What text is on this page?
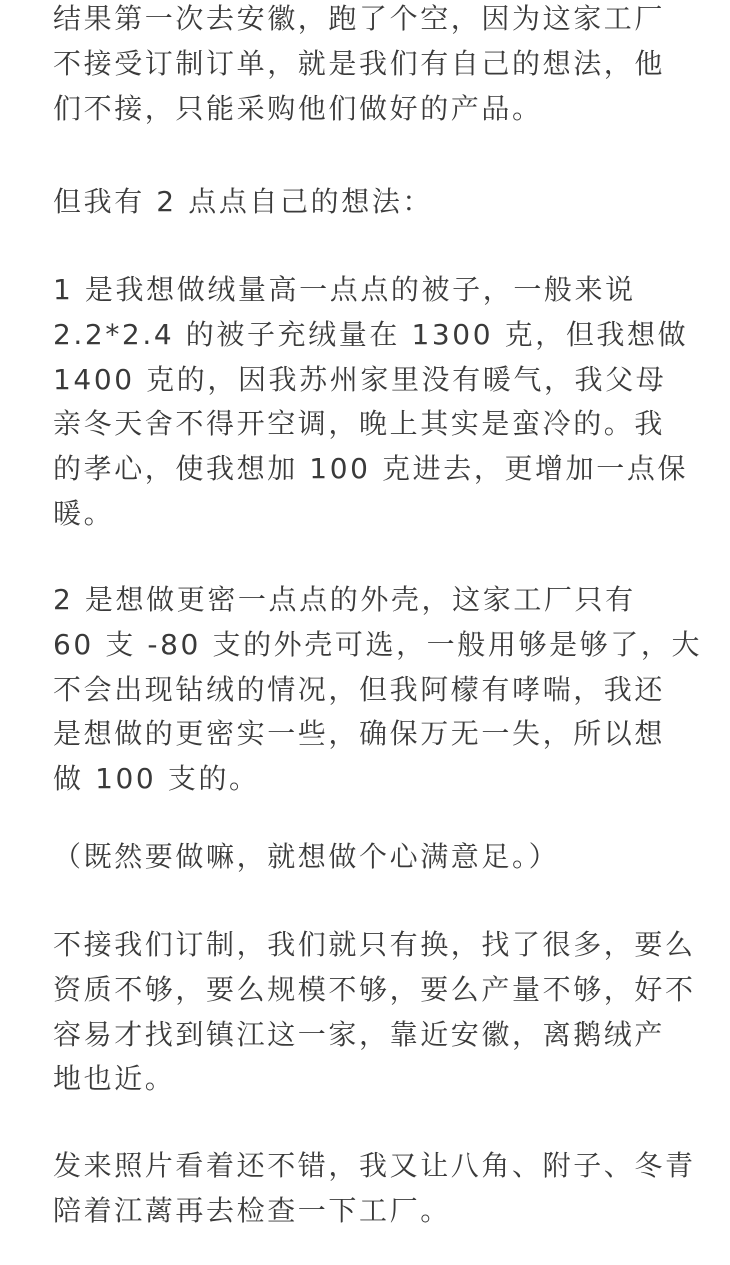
结果第一次去安徽，跑了个空，因为这家工厂
不接受订制订单，就是我们有自己的想法，他
们不接，只能采购他们做好的产品。

但我有 2 点点自己的想法：

1 是我想做绒量高一点点的被子，一般来说
2.2*2.4 的被子充绒量在 1300 克，但我想做
1400 克的，因我苏州家里没有暖气，我父母
亲冬天舍不得开空调，晚上其实是蛮冷的。我
的孝心，使我想加 100 克进去，更增加一点保
暖。

2 是想做更密一点点的外壳，这家工厂只有
60 支 -80 支的外壳可选，一般用够是够了，大
不会出现钻绒的情况，但我阿檬有哮喘，我还
是想做的更密实一些，确保万无一失，所以想
做 100 支的。

（既然要做嘛，就想做个心满意足。）

不接我们订制，我们就只有换，找了很多，要么
资质不够，要么规模不够，要么产量不够，好不
容易才找到镇江这一家，靠近安徽，离鹅绒产
地也近。

发来照片看着还不错，我又让八角、附子、冬青
陪着江蓠再去检查一下工厂。
